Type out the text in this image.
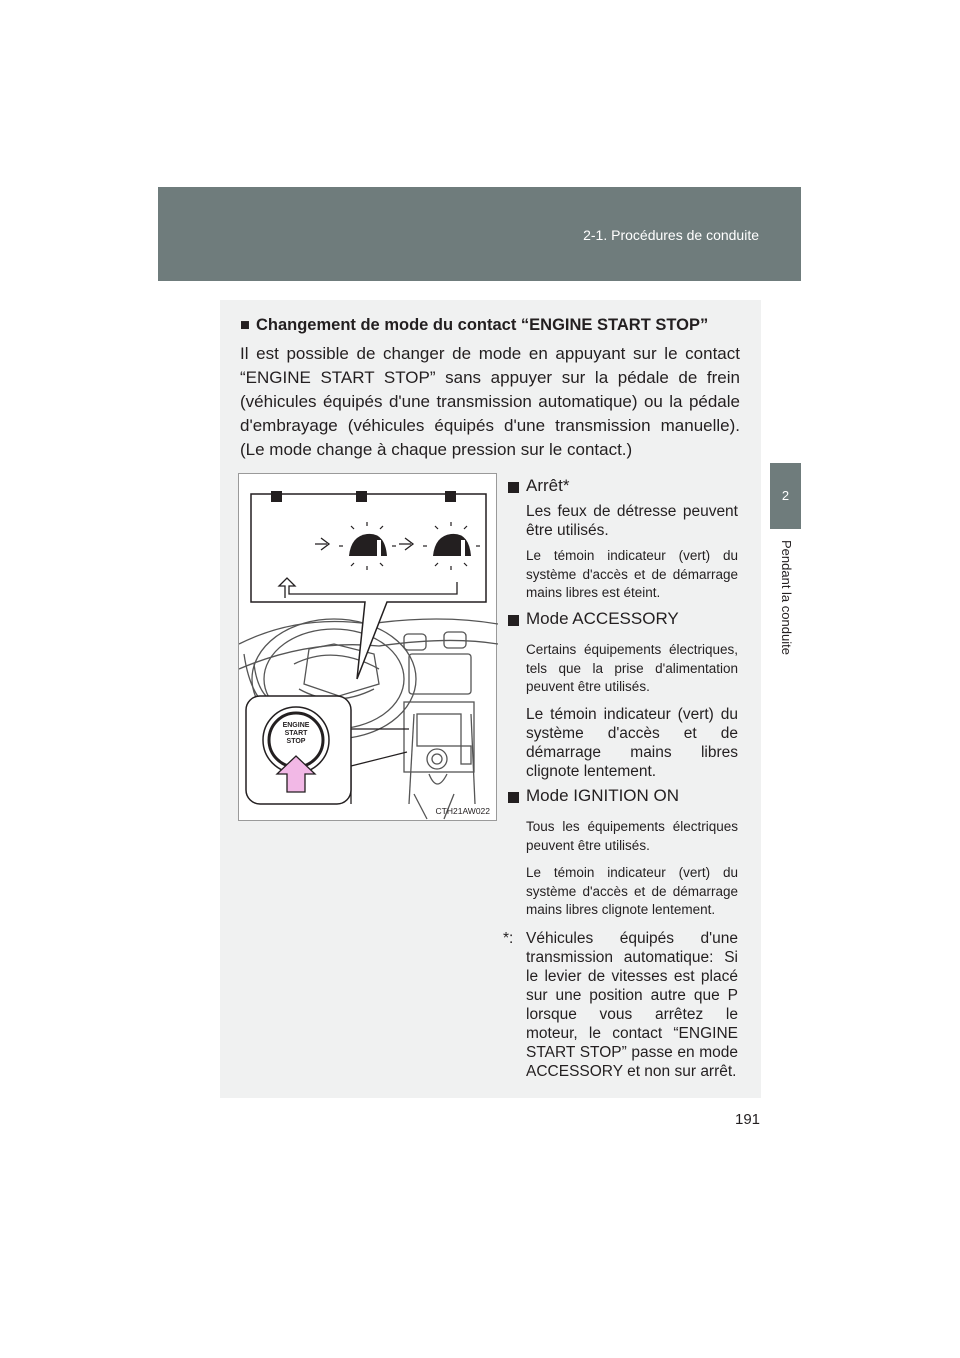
2-1. Procédures de conduite
2
Pendant la conduite
■ Changement de mode du contact “ENGINE START STOP”
Il est possible de changer de mode en appuyant sur le contact “ENGINE START STOP” sans appuyer sur la pédale de frein (véhicules équipés d'une transmission automatique) ou la pédale d'embrayage (véhicules équipés d'une transmission manuelle). (Le mode change à chaque pression sur le contact.)
ENGINE
START
STOP
CTH21AW022
Arrêt*
Les feux de détresse peuvent être utilisés.
Le témoin indicateur (vert) du système d'accès et de démarrage mains libres est éteint.
Mode ACCESSORY
Certains équipements électriques, tels que la prise d'alimentation peuvent être utilisés.
Le témoin indicateur (vert) du système d'accès et de démarrage mains libres clignote lentement.
Mode IGNITION ON
Tous les équipements électriques peuvent être utilisés.
Le témoin indicateur (vert) du système d'accès et de démarrage mains libres clignote lentement.
*: Véhicules équipés d'une transmission automatique: Si le levier de vitesses est placé sur une position autre que P lorsque vous arrêtez le moteur, le contact “ENGINE START STOP” passe en mode ACCESSORY et non sur arrêt.
191
